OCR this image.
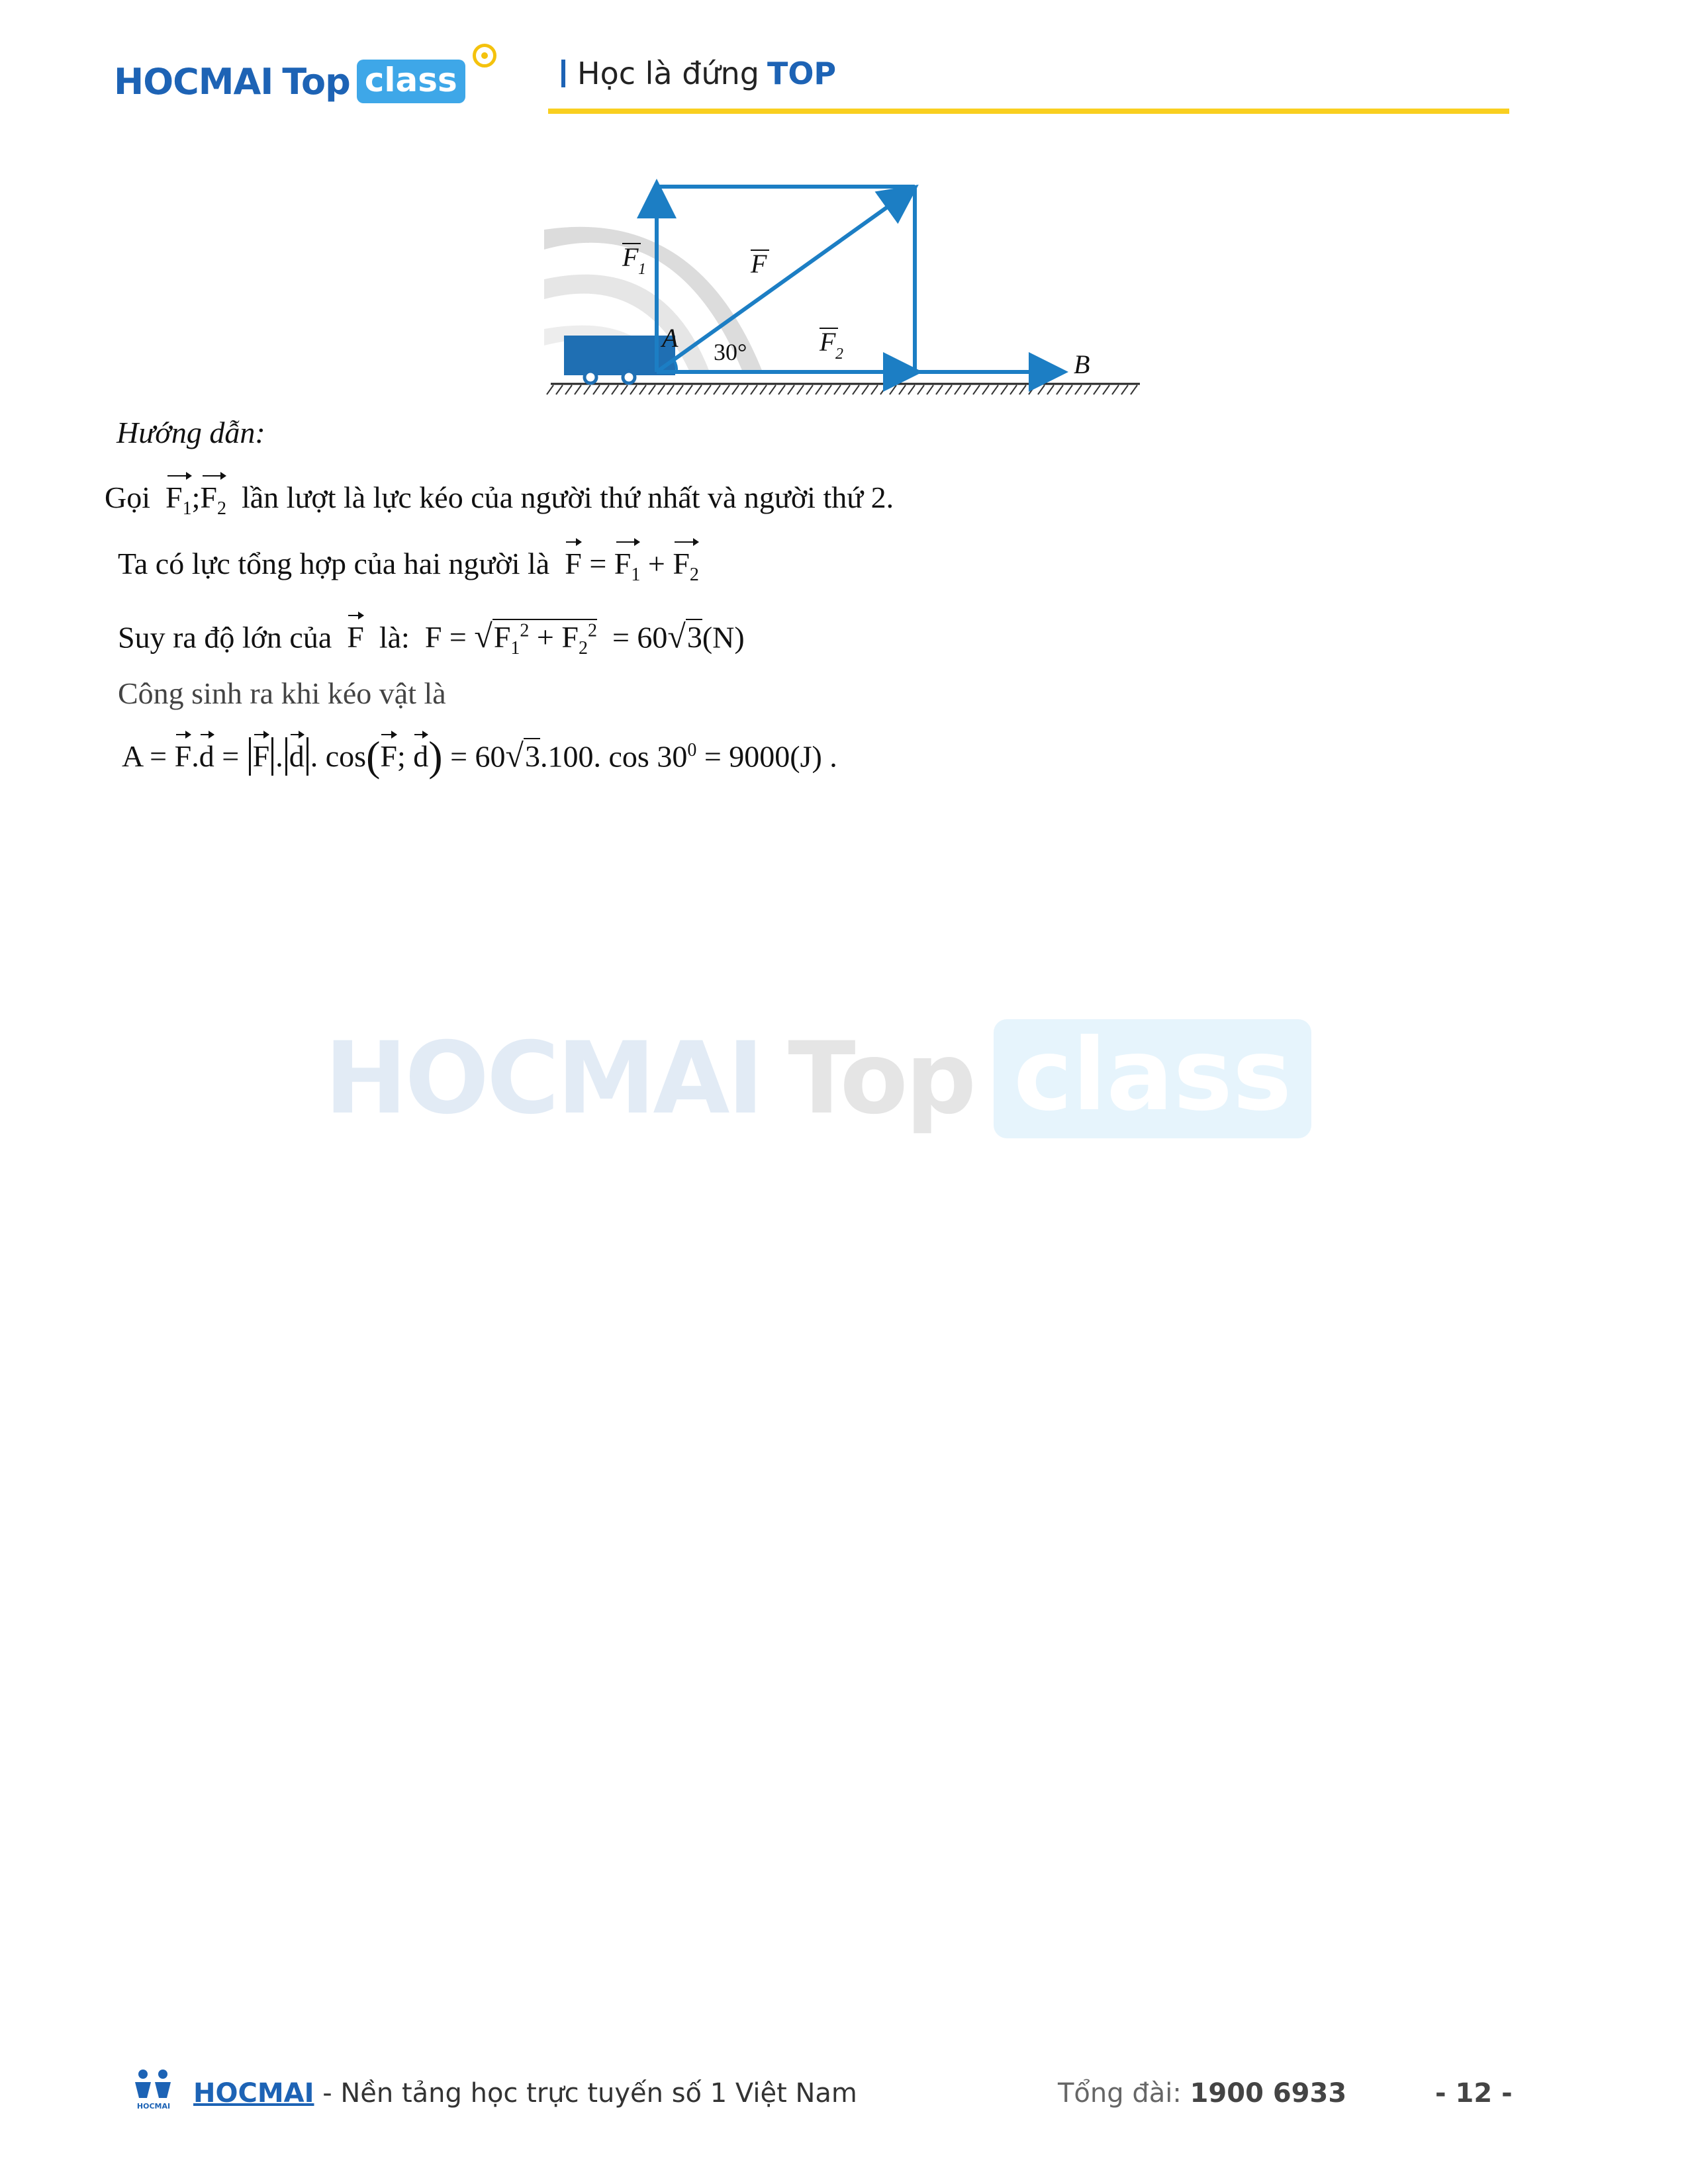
HOCMAI Top class	Học là đứng TOP
F 1	F
F 2
A
B
30°
Hướng dẫn:
Gọi $F_1;F_2$ lần lượt là lực kéo của người thứ nhất và người thứ 2.
Ta có lực tổng hợp của hai người là $F = F_1 + F_2$
Suy ra độ lớn của F là:  $F = √F_1^2 + F_2^2 = 60√3(N)$
Công sinh ra khi kéo vật là
A = F.d = F . d . cos(F; d) = 60√3.100. $\cos 30^0 = 9000(J)$ .
HOCMAI Top class
HOCMAI HOCMAI - Nền tảng học trực tuyến số 1 Việt Nam	Tổng đài: 1900 6933	- 12 -
